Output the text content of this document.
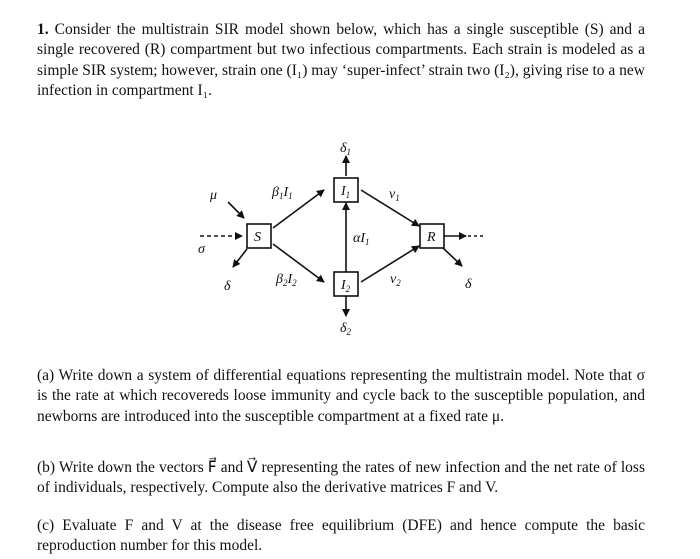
1. Consider the multistrain SIR model shown below, which has a single susceptible (S) and a single recovered (R) compartment but two infectious compartments. Each strain is modeled as a simple SIR system; however, strain one (I₁) may ‘super-infect’ strain two (I₂), giving rise to a new infection in compartment I₁.

S
$I_1$
$I_2$
R
μ
σ
δ
$\beta_1I_1$
$\beta_2I_2$
$\delta_1$
$\delta_2$
$\alpha I_1$
$\nu_1$
$\nu_2$	δ

(a) Write down a system of differential equations representing the multistrain model. Note that σ is the rate at which recovereds loose immunity and cycle back to the susceptible population, and newborns are introduced into the susceptible compartment at a fixed rate μ.

(b) Write down the vectors F⃗ and V⃗ representing the rates of new infection and the net rate of loss of individuals, respectively. Compute also the derivative matrices F and V.

(c) Evaluate F and V at the disease free equilibrium (DFE) and hence compute the basic reproduction number for this model.
